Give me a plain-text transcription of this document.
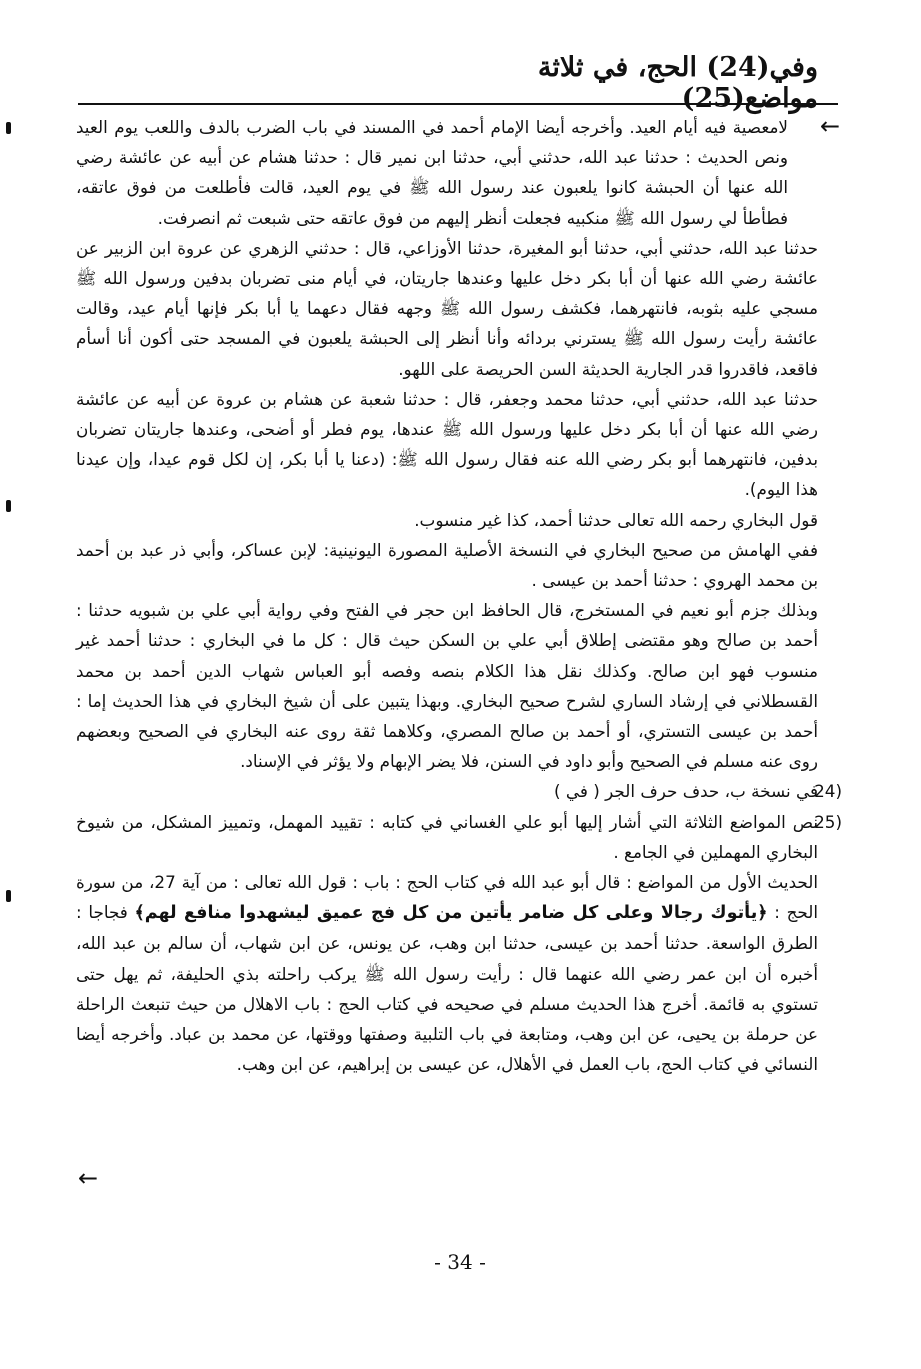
وفي(24) الحج، في ثلاثة مواضع(25)
←

لامعصية فيه أيام العيد. وأخرجه أيضا الإمام أحمد في االمسند في باب الضرب بالدف واللعب يوم العيد ونص الحديث : حدثنا عبد الله، حدثني أبي، حدثنا ابن نمير قال : حدثنا هشام عن أبيه عن عائشة رضي الله عنها أن الحبشة كانوا يلعبون عند رسول الله ﷺ في يوم العيد، قالت فأطلعت من فوق عاتقه، فطأطأ لي رسول الله ﷺ منكبيه فجعلت أنظر إليهم من فوق عاتقه حتى شبعت ثم انصرفت.

حدثنا عبد الله، حدثني أبي، حدثنا أبو المغيرة، حدثنا الأوزاعي، قال : حدثني الزهري عن عروة ابن الزبير عن عائشة رضي الله عنها أن أبا بكر دخل عليها وعندها جاريتان، في أيام منى تضربان بدفين ورسول الله ﷺ مسجي عليه بثوبه، فانتهرهما، فكشف رسول الله ﷺ وجهه فقال دعهما يا أبا بكر فإنها أيام عيد، وقالت عائشة رأيت رسول الله ﷺ يسترني بردائه وأنا أنظر إلى الحبشة يلعبون في المسجد حتى أكون أنا أسأم فاقعد، فاقدروا قدر الجارية الحديثة السن الحريصة على اللهو.

حدثنا عبد الله، حدثني أبي، حدثنا محمد وجعفر، قال : حدثنا شعبة عن هشام بن عروة عن أبيه عن عائشة رضي الله عنها أن أبا بكر دخل عليها ورسول الله ﷺ عندها، يوم فطر أو أضحى، وعندها جاريتان تضربان بدفين، فانتهرهما أبو بكر رضي الله عنه فقال رسول الله ﷺ: (دعنا يا أبا بكر، إن لكل قوم عيدا، وإن عيدنا هذا اليوم).

قول البخاري رحمه الله تعالى حدثنا أحمد، كذا غير منسوب.

ففي الهامش من صحيح البخاري في النسخة الأصلية المصورة اليونينية: لإبن عساكر، وأبي ذر عبد بن أحمد بن محمد الهروي : حدثنا أحمد بن عيسى .

وبذلك جزم أبو نعيم في المستخرج، قال الحافظ ابن حجر في الفتح وفي رواية أبي علي بن شبويه حدثنا : أحمد بن صالح وهو مقتضى إطلاق أبي علي بن السكن حيث قال : كل ما في البخاري : حدثنا أحمد غير منسوب فهو ابن صالح. وكذلك نقل هذا الكلام بنصه وفصه أبو العباس شهاب الدين أحمد بن محمد القسطلاني في إرشاد الساري لشرح صحيح البخاري. وبهذا يتبين على أن شيخ البخاري في هذا الحديث إما : أحمد بن عيسى التستري، أو أحمد بن صالح المصري، وكلاهما ثقة روى عنه البخاري في الصحيح وبعضهم روى عنه مسلم في الصحيح وأبو داود في السنن، فلا يضر الإبهام ولا يؤثر في الإسناد.

24)
في نسخة ب، حدف حرف الجر ( في )

25)
نص المواضع الثلاثة التي أشار إليها أبو علي الغساني في كتابه : تقييد المهمل، وتمييز المشكل، من شيوخ البخاري المهملين في الجامع .

الحديث الأول من المواضع : قال أبو عبد الله في كتاب الحج : باب : قول الله تعالى : من آية 27، من سورة الحج : ﴿يأتوك رجالا وعلى كل ضامر يأتين من كل فج عميق ليشهدوا منافع لهم﴾ فجاجا : الطرق الواسعة. حدثنا أحمد بن عيسى، حدثنا ابن وهب، عن يونس، عن ابن شهاب، أن سالم بن عبد الله، أخبره أن ابن عمر رضي الله عنهما قال : رأيت رسول الله ﷺ يركب راحلته بذي الحليفة، ثم يهل حتى تستوي به قائمة. أخرج هذا الحديث مسلم في صحيحه في كتاب الحج : باب الاهلال من حيث تنبعث الراحلة عن حرملة بن يحيى، عن ابن وهب، ومتابعة في باب التلبية وصفتها ووقتها، عن محمد بن عباد. وأخرجه أيضا النسائي في كتاب الحج، باب العمل في الأهلال، عن عيسى بن إبراهيم، عن ابن وهب.

←
- 34 -
